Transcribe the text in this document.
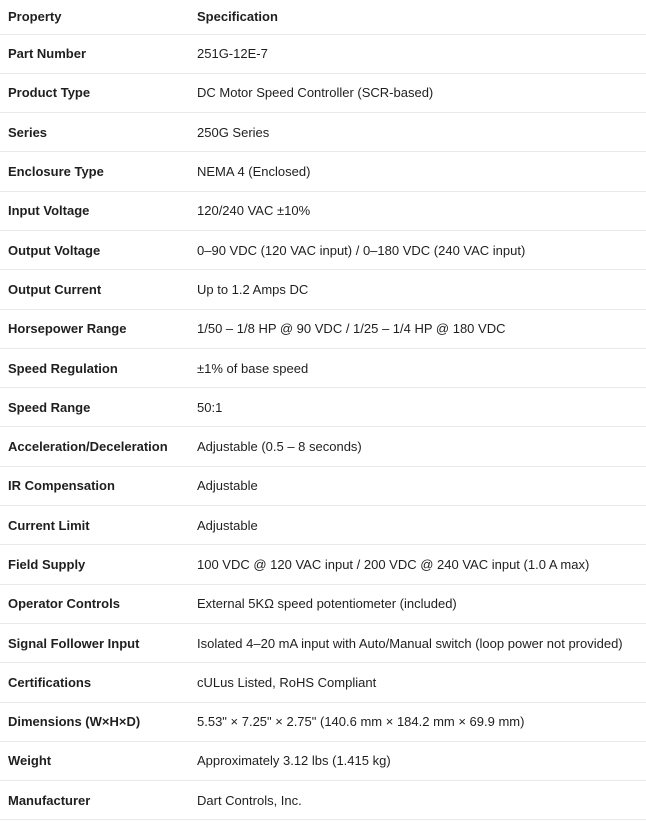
Property	Specification
Part Number	251G-12E-7
Product Type	DC Motor Speed Controller (SCR-based)
Series	250G Series
Enclosure Type	NEMA 4 (Enclosed)
Input Voltage	120/240 VAC ±10%
Output Voltage	0–90 VDC (120 VAC input) / 0–180 VDC (240 VAC input)
Output Current	Up to 1.2 Amps DC
Horsepower Range	1/50 – 1/8 HP @ 90 VDC / 1/25 – 1/4 HP @ 180 VDC
Speed Regulation	±1% of base speed
Speed Range	50:1
Acceleration/Deceleration	Adjustable (0.5 – 8 seconds)
IR Compensation	Adjustable
Current Limit	Adjustable
Field Supply	100 VDC @ 120 VAC input / 200 VDC @ 240 VAC input (1.0 A max)
Operator Controls	External 5KΩ speed potentiometer (included)
Signal Follower Input	Isolated 4–20 mA input with Auto/Manual switch (loop power not provided)
Certifications	cULus Listed, RoHS Compliant
Dimensions (W×H×D)	5.53" × 7.25" × 2.75" (140.6 mm × 184.2 mm × 69.9 mm)
Weight	Approximately 3.12 lbs (1.415 kg)
Manufacturer	Dart Controls, Inc.
